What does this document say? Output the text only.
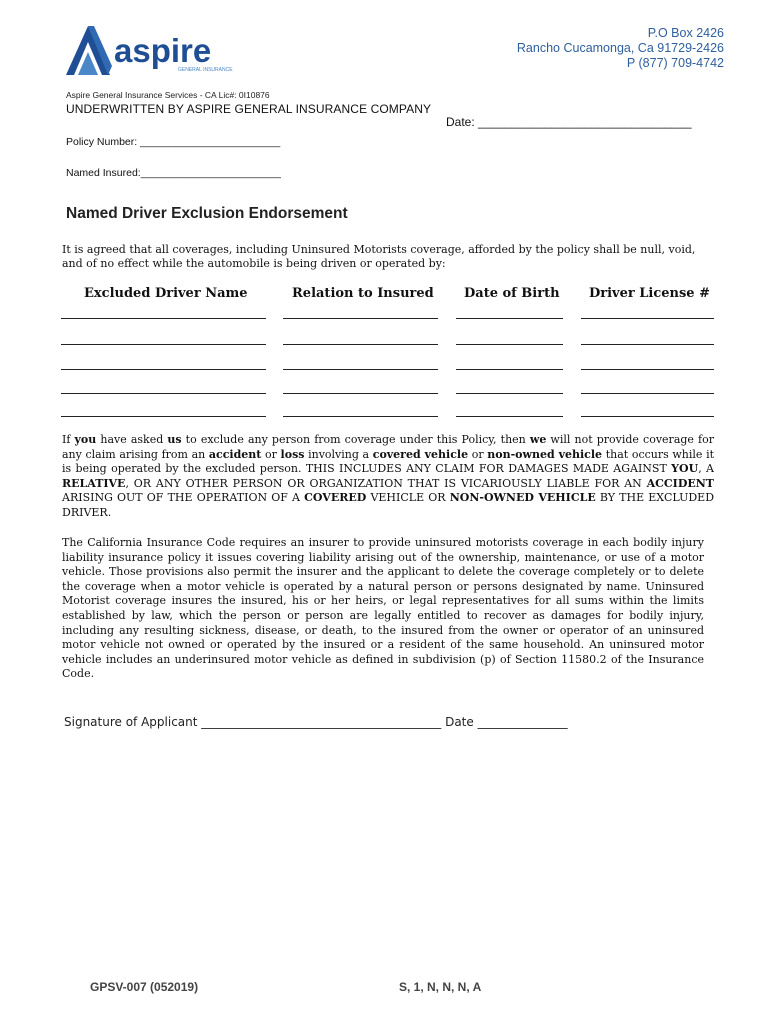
aspire
GENERAL INSURANCE
P.O Box 2426
Rancho Cucamonga, Ca 91729-2426
P (877) 709-4742
Aspire General Insurance Services - CA Lic#: 0I10876
UNDERWRITTEN BY ASPIRE GENERAL INSURANCE COMPANY
Date: ________________________________
Policy Number: ________________________
Named Insured:________________________
Named Driver Exclusion Endorsement
It is agreed that all coverages, including Uninsured Motorists coverage, afforded by the policy shall be null, void, and of no effect while the automobile is being driven or operated by:
Excluded Driver Name	Relation to Insured Date of Birth Driver License #
If you have asked us to exclude any person from coverage under this Policy, then we will not provide coverage for any claim arising from an accident or loss involving a covered vehicle or non-owned vehicle that occurs while it is being operated by the excluded person. THIS INCLUDES ANY CLAIM FOR DAMAGES MADE AGAINST YOU, A RELATIVE, OR ANY OTHER PERSON OR ORGANIZATION THAT IS VICARIOUSLY LIABLE FOR AN ACCIDENT ARISING OUT OF THE OPERATION OF A COVERED VEHICLE OR NON-OWNED VEHICLE BY THE EXCLUDED DRIVER.
The California Insurance Code requires an insurer to provide uninsured motorists coverage in each bodily injury liability insurance policy it issues covering liability arising out of the ownership, maintenance, or use of a motor vehicle. Those provisions also permit the insurer and the applicant to delete the coverage completely or to delete the coverage when a motor vehicle is operated by a natural person or persons designated by name. Uninsured Motorist coverage insures the insured, his or her heirs, or legal representatives for all sums within the limits established by law, which the person or person are legally entitled to recover as damages for bodily injury, including any resulting sickness, disease, or death, to the insured from the owner or operator of an uninsured motor vehicle not owned or operated by the insured or a resident of the same household. An uninsured motor vehicle includes an underinsured motor vehicle as defined in subdivision (p) of Section 11580.2 of the Insurance Code.
Signature of Applicant ________________________________________ Date _______________
GPSV-007 (052019)	S, 1, N, N, N, A
